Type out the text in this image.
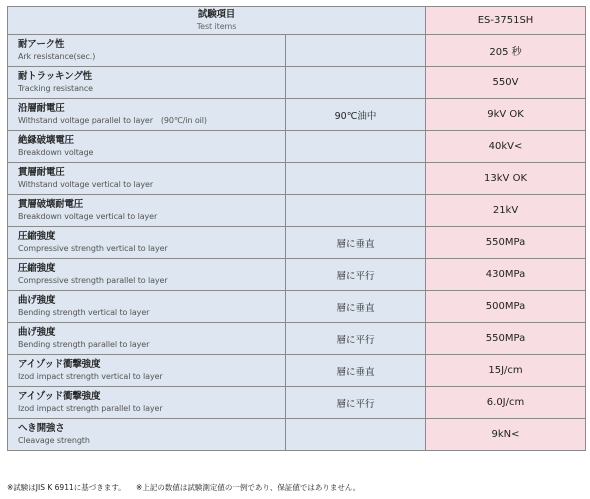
試験項目
Test items		ES-3751SH

耐アーク性
Ark resistance(sec.)		205 秒

耐トラッキング性
Tracking resistance		550V

沿層耐電圧
Withstand voltage parallel to layer　(90℃/in oil)	90℃油中	9kV OK

絶縁破壊電圧
Breakdown voltage		40kV<

貫層耐電圧
Withstand voltage vertical to layer		13kV OK

貫層破壊耐電圧
Breakdown voltage vertical to layer		21kV

圧縮強度
Compressive strength vertical to layer	層に垂直	550MPa

圧縮強度
Compressive strength parallel to layer	層に平行	430MPa

曲げ強度
Bending strength vertical to layer	層に垂直	500MPa

曲げ強度
Bending strength parallel to layer	層に平行	550MPa

アイゾッド衝撃強度
Izod impact strength vertical to layer	層に垂直	15J/cm

アイゾッド衝撃強度
Izod impact strength parallel to layer	層に平行	6.0J/cm

へき開強さ
Cleavage strength		9kN<
※試験はJIS K 6911に基づきます。 ※上記の数値は試験測定値の一例であり、保証値ではありません。
